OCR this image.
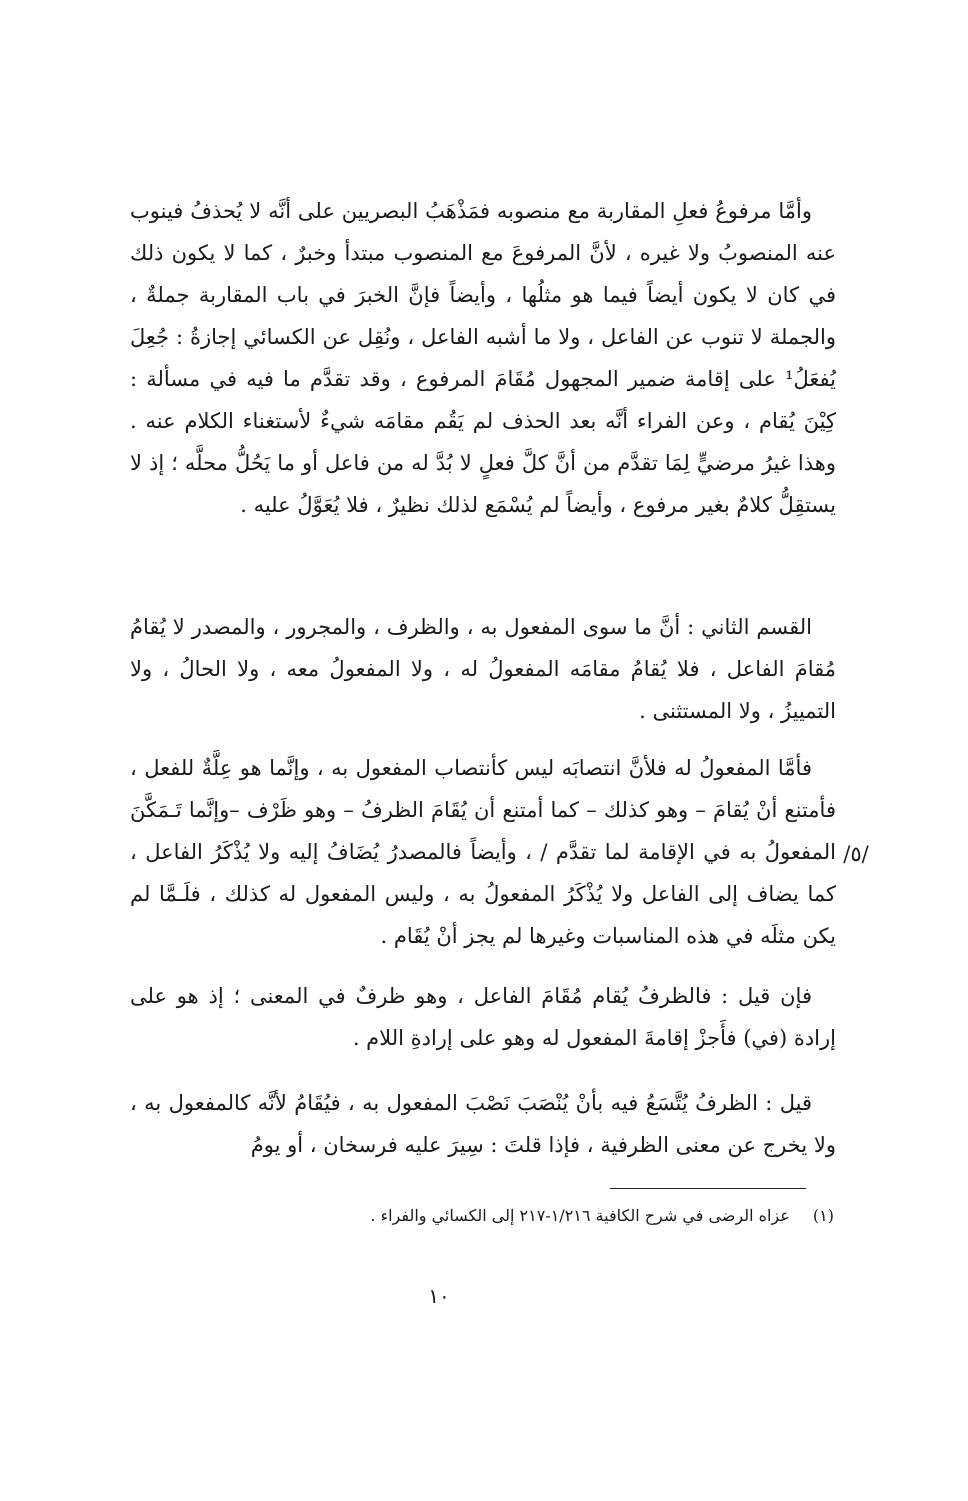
وأمَّا مرفوعُ فعلِ المقاربة مع منصوبه فمَذْهَبُ البصريين على أنَّه لا يُحذفُ فينوب عنه المنصوبُ ولا غيره ، لأنَّ المرفوعَ مع المنصوب مبتدأ وخبرٌ ، كما لا يكون ذلك في كان لا يكون أيضاً فيما هو مثلُها ، وأيضاً فإنَّ الخبرَ في باب المقاربة جملةٌ ، والجملة لا تنوب عن الفاعل ، ولا ما أشبه الفاعل ، ونُقِل عن الكسائي إجازةُ : جُعِلَ يُفعَلُ¹ على إقامة ضمير المجهول مُقَامَ المرفوع ، وقد تقدَّم ما فيه في مسألة : كِيْنَ يُقام ، وعن الفراء أنَّه بعد الحذف لم يَقُم مقامَه شيءٌ لأستغناء الكلام عنه . وهذا غيرُ مرضيٍّ لِمَا تقدَّم من أنَّ كلَّ فعلٍ لا بُدَّ له من فاعل أو ما يَحُلُّ محلَّه ؛ إذ لا يستقِلُّ كلامٌ بغير مرفوع ، وأيضاً لم يُسْمَع لذلك نظيرٌ ، فلا يُعَوَّلُ عليه .

القسم الثاني : أنَّ ما سوى المفعول به ، والظرف ، والمجرور ، والمصدر لا يُقامُ مُقامَ الفاعل ، فلا يُقامُ مقامَه المفعولُ له ، ولا المفعولُ معه ، ولا الحالُ ، ولا التمييزُ ، ولا المستثنى .

فأمَّا المفعولُ له فلأنَّ انتصابَه ليس كأنتصاب المفعول به ، وإنَّما هو عِلَّةٌ للفعل ، فأمتنع أنْ يُقامَ – وهو كذلك – كما أمتنع أن يُقَامَ الظرفُ – وهو ظَرْف –وإنَّما تَـمَكَّنَ المفعولُ به في الإقامة لما تقدَّم / ، وأيضاً فالمصدرُ يُضَافُ إليه ولا يُذْكَرُ الفاعل ، كما يضاف إلى الفاعل ولا يُذْكَرُ المفعولُ به ، وليس المفعول له كذلك ، فلَـمَّا لم يكن مثلَه في هذه المناسبات وغيرها لم يجز أنْ يُقَام .

/٥/

فإن قيل : فالظرفُ يُقام مُقَامَ الفاعل ، وهو ظرفٌ في المعنى ؛ إذ هو على إرادة (في) فأَجزْ إقامةَ المفعول له وهو على إرادةِ اللام .

قيل : الظرفُ يُتَّسَعُ فيه بأنْ يُنْصَبَ نَصْبَ المفعول به ، فيُقَامُ لأنَّه كالمفعول به ، ولا يخرج عن معنى الظرفية ، فإذا قلتَ : سِيرَ عليه فرسخان ، أو يومُ

(١) عزاه الرضى في شرح الكافية ١/٢١٦-٢١٧ إلى الكسائي والفراء .
١٠
